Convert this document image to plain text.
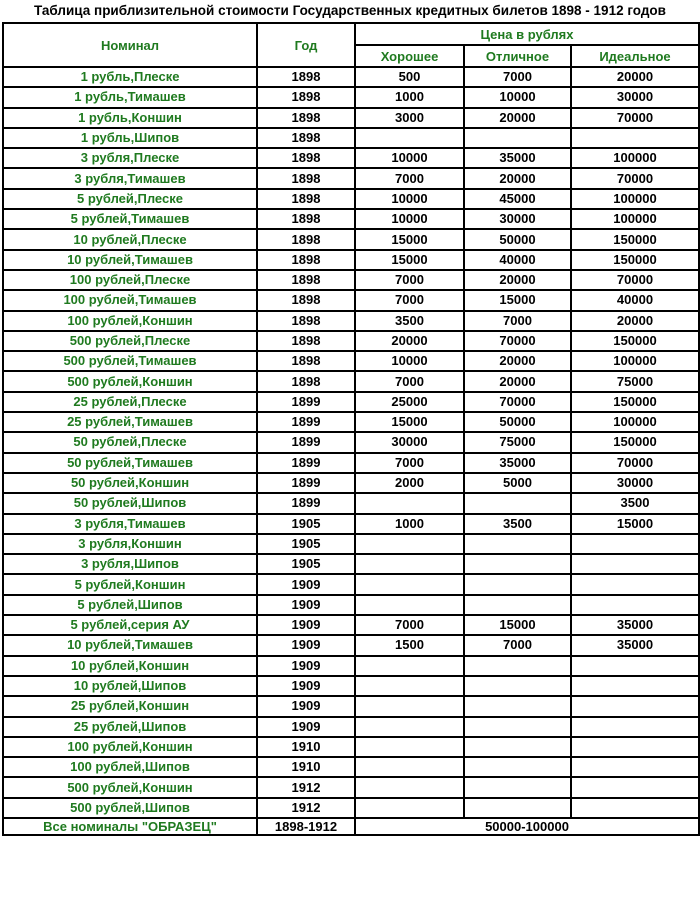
Таблица приблизительной стоимости Государственных кредитных билетов 1898 - 1912 годов
Номинал	Год	Цена в рублях		
		Хорошее	Отличное	Идеальное
1 рубль,Плеске	1898	500	7000	20000
1 рубль,Тимашев	1898	1000	10000	30000
1 рубль,Коншин	1898	3000	20000	70000
1 рубль,Шипов	1898			
3 рубля,Плеске	1898	10000	35000	100000
3 рубля,Тимашев	1898	7000	20000	70000
5 рублей,Плеске	1898	10000	45000	100000
5 рублей,Тимашев	1898	10000	30000	100000
10 рублей,Плеске	1898	15000	50000	150000
10 рублей,Тимашев	1898	15000	40000	150000
100 рублей,Плеске	1898	7000	20000	70000
100 рублей,Тимашев	1898	7000	15000	40000
100 рублей,Коншин	1898	3500	7000	20000
500 рублей,Плеске	1898	20000	70000	150000
500 рублей,Тимашев	1898	10000	20000	100000
500 рублей,Коншин	1898	7000	20000	75000
25 рублей,Плеске	1899	25000	70000	150000
25 рублей,Тимашев	1899	15000	50000	100000
50 рублей,Плеске	1899	30000	75000	150000
50 рублей,Тимашев	1899	7000	35000	70000
50 рублей,Коншин	1899	2000	5000	30000
50 рублей,Шипов	1899			3500
3 рубля,Тимашев	1905	1000	3500	15000
3 рубля,Коншин	1905			
3 рубля,Шипов	1905			
5 рублей,Коншин	1909			
5 рублей,Шипов	1909			
5 рублей,серия АУ	1909	7000	15000	35000
10 рублей,Тимашев	1909	1500	7000	35000
10 рублей,Коншин	1909			
10 рублей,Шипов	1909			
25 рублей,Коншин	1909			
25 рублей,Шипов	1909			
100 рублей,Коншин	1910			
100 рублей,Шипов	1910			
500 рублей,Коншин	1912			
500 рублей,Шипов	1912			
Все номиналы "ОБРАЗЕЦ"	1898-1912	50000-100000		
